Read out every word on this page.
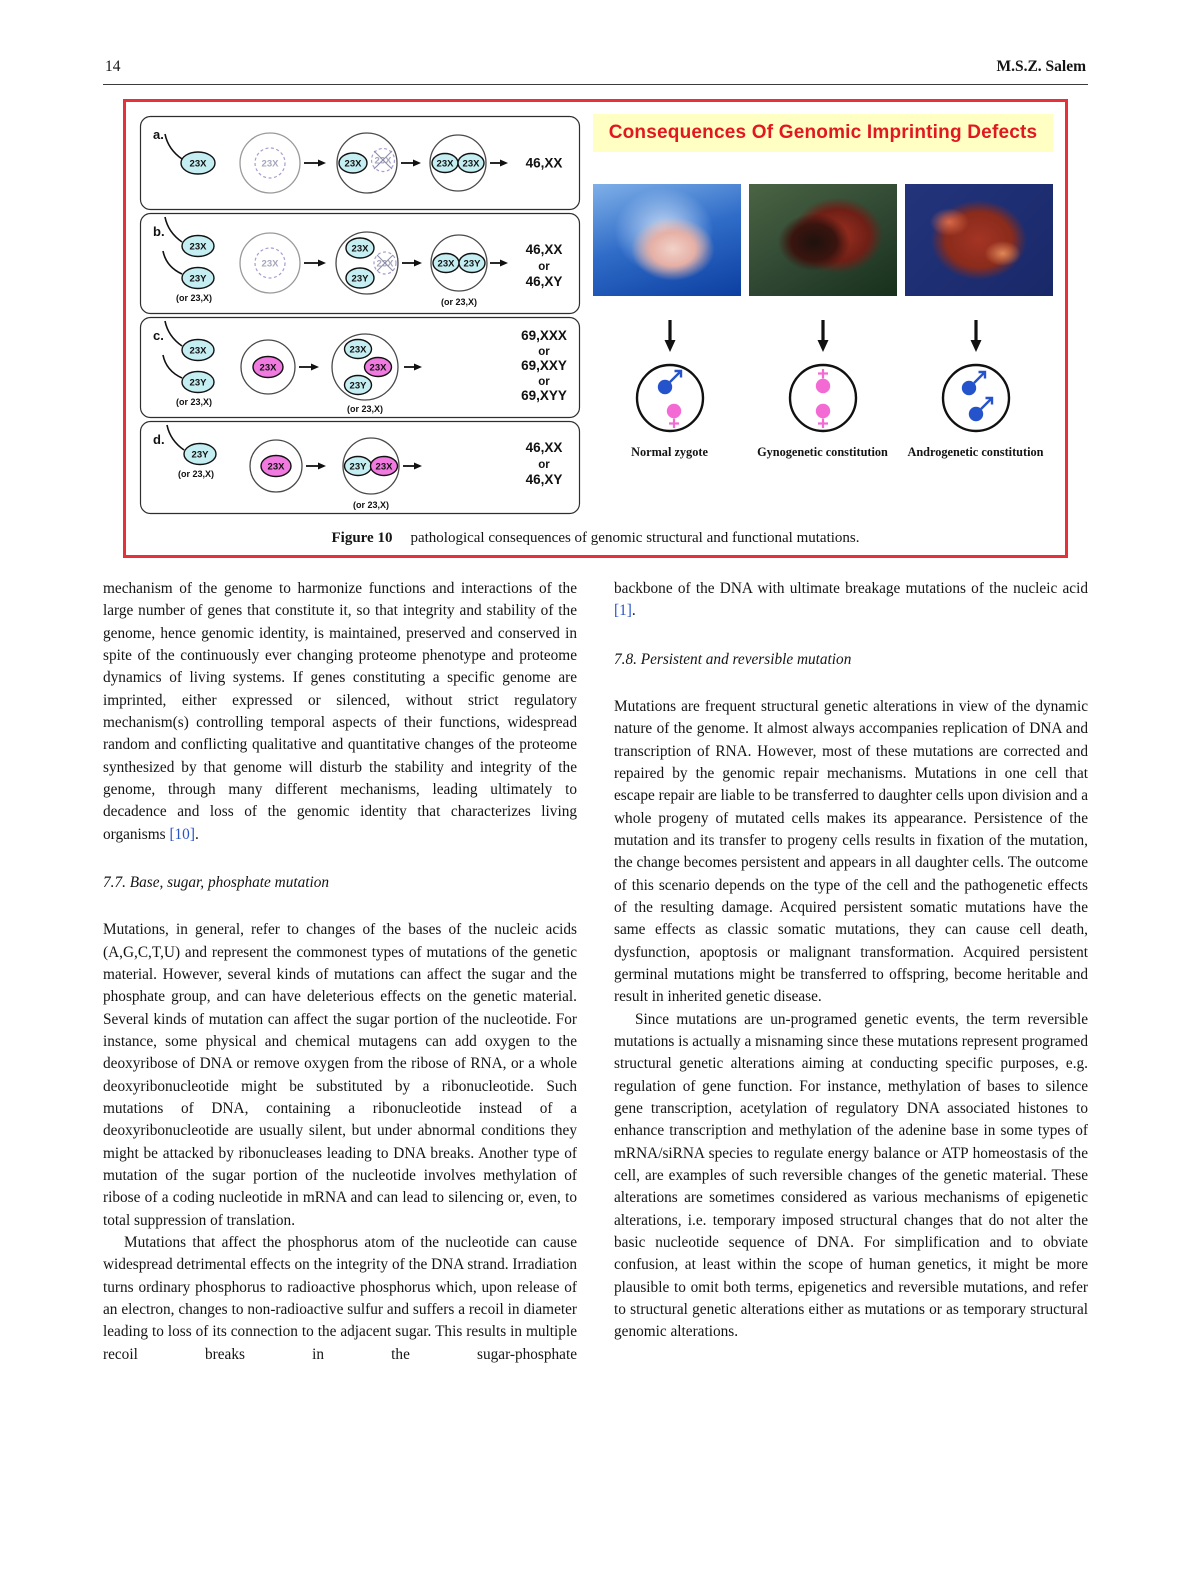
14	M.S.Z. Salem
a.
23X	23X	23X 23X	23X 23X	46,XX
b.
23X
23Y
(or 23,X)
23X
23X
23X
23Y
23X 23Y
(or 23,X)
46,XX
or
46,XY
c.
23X
23Y
(or 23,X)
23X
23X
23X
23Y
(or 23,X)
69,XXX
or
69,XXY
or
69,XYY
d.
23Y
(or 23,X)
23X	23Y 23X
(or 23,X)
46,XX
or
46,XY
Consequences Of Genomic Imprinting Defects
Normal zygote	Gynogenetic constitution Androgenetic constitution
Figure 10 pathological consequences of genomic structural and functional mutations.

mechanism of the genome to harmonize functions and interactions of the large number of genes that constitute it, so that integrity and stability of the genome, hence genomic identity, is maintained, preserved and conserved in spite of the continuously ever changing proteome phenotype and proteome dynamics of living systems. If genes constituting a specific genome are imprinted, either expressed or silenced, without strict regulatory mechanism(s) controlling temporal aspects of their functions, widespread random and conflicting qualitative and quantitative changes of the proteome synthesized by that genome will disturb the stability and integrity of the genome, through many different mechanisms, leading ultimately to decadence and loss of the genomic identity that characterizes living organisms [10].

7.7. Base, sugar, phosphate mutation

Mutations, in general, refer to changes of the bases of the nucleic acids (A,G,C,T,U) and represent the commonest types of mutations of the genetic material. However, several kinds of mutations can affect the sugar and the phosphate group, and can have deleterious effects on the genetic material. Several kinds of mutation can affect the sugar portion of the nucleotide. For instance, some physical and chemical mutagens can add oxygen to the deoxyribose of DNA or remove oxygen from the ribose of RNA, or a whole deoxyribonucleotide might be substituted by a ribonucleotide. Such mutations of DNA, containing a ribonucleotide instead of a deoxyribonucleotide are usually silent, but under abnormal conditions they might be attacked by ribonucleases leading to DNA breaks. Another type of mutation of the sugar portion of the nucleotide involves methylation of ribose of a coding nucleotide in mRNA and can lead to silencing or, even, to total suppression of translation.

Mutations that affect the phosphorus atom of the nucleotide can cause widespread detrimental effects on the integrity of the DNA strand. Irradiation turns ordinary phosphorus to radioactive phosphorus which, upon release of an electron, changes to non-radioactive sulfur and suffers a recoil in diameter leading to loss of its connection to the adjacent sugar. This results in multiple recoil breaks in the sugar-phosphate

backbone of the DNA with ultimate breakage mutations of the nucleic acid [1].

7.8. Persistent and reversible mutation

Mutations are frequent structural genetic alterations in view of the dynamic nature of the genome. It almost always accompanies replication of DNA and transcription of RNA. However, most of these mutations are corrected and repaired by the genomic repair mechanisms. Mutations in one cell that escape repair are liable to be transferred to daughter cells upon division and a whole progeny of mutated cells makes its appearance. Persistence of the mutation and its transfer to progeny cells results in fixation of the mutation, the change becomes persistent and appears in all daughter cells. The outcome of this scenario depends on the type of the cell and the pathogenetic effects of the resulting damage. Acquired persistent somatic mutations have the same effects as classic somatic mutations, they can cause cell death, dysfunction, apoptosis or malignant transformation. Acquired persistent germinal mutations might be transferred to offspring, become heritable and result in inherited genetic disease.

Since mutations are un-programed genetic events, the term reversible mutations is actually a misnaming since these mutations represent programed structural genetic alterations aiming at conducting specific purposes, e.g. regulation of gene function. For instance, methylation of bases to silence gene transcription, acetylation of regulatory DNA associated histones to enhance transcription and methylation of the adenine base in some types of mRNA/siRNA species to regulate energy balance or ATP homeostasis of the cell, are examples of such reversible changes of the genetic material. These alterations are sometimes considered as various mechanisms of epigenetic alterations, i.e. temporary imposed structural changes that do not alter the basic nucleotide sequence of DNA. For simplification and to obviate confusion, at least within the scope of human genetics, it might be more plausible to omit both terms, epigenetics and reversible mutations, and refer to structural genetic alterations either as mutations or as temporary structural genomic alterations.
